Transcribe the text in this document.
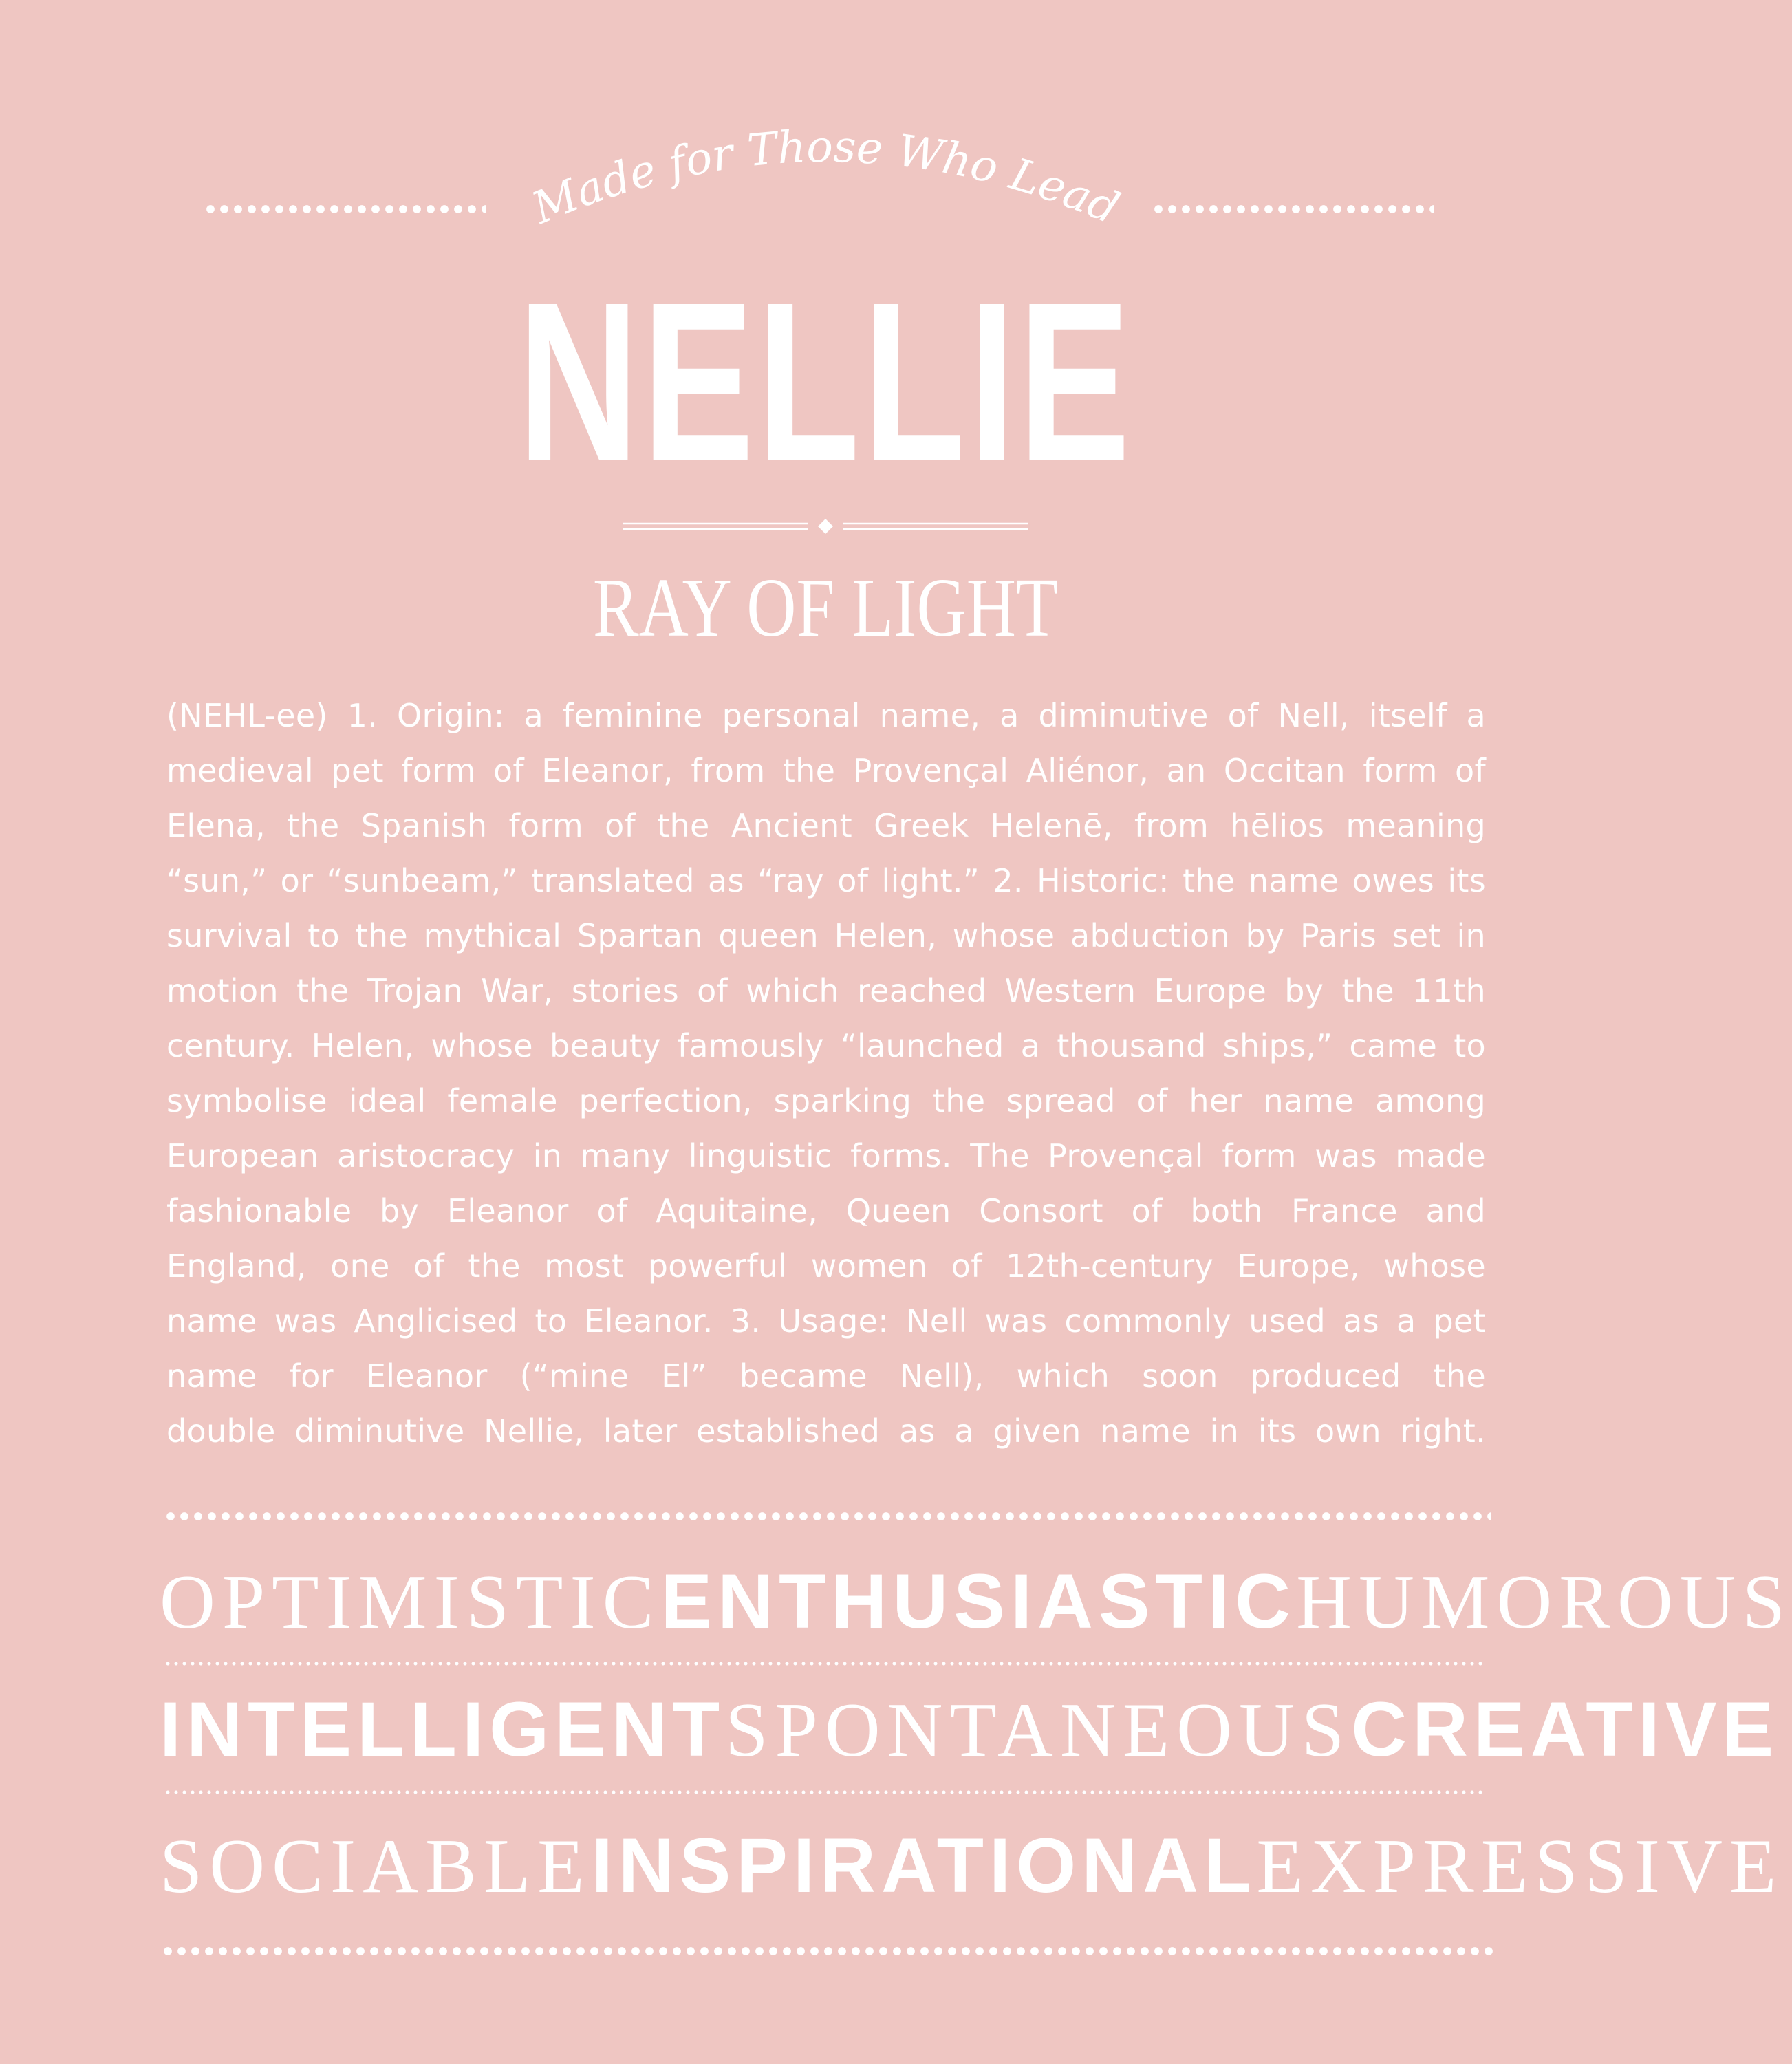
Made for Those Who Lead
NELLIE
RAY OF LIGHT
(NEHL-ee) 1. Origin: a feminine personal name, a diminutive of Nell, itself a
medieval pet form of Eleanor, from the Provençal Aliénor, an Occitan form of
Elena, the Spanish form of the Ancient Greek Helenē, from hēlios meaning
“sun,” or “sunbeam,” translated as “ray of light.” 2. Historic: the name owes its
survival to the mythical Spartan queen Helen, whose abduction by Paris set in
motion the Trojan War, stories of which reached Western Europe by the 11th
century. Helen, whose beauty famously “launched a thousand ships,” came to
symbolise ideal female perfection, sparking the spread of her name among
European aristocracy in many linguistic forms. The Provençal form was made
fashionable by Eleanor of Aquitaine, Queen Consort of both France and
England, one of the most powerful women of 12th-century Europe, whose
name was Anglicised to Eleanor. 3. Usage: Nell was commonly used as a pet
name for Eleanor (“mine El” became Nell), which soon produced the
double diminutive Nellie, later established as a given name in its own right.
OPTIMISTIC ENTHUSIASTIC HUMOROUS
INTELLIGENT SPONTANEOUS CREATIVE
SOCIABLE INSPIRATIONAL EXPRESSIVE
